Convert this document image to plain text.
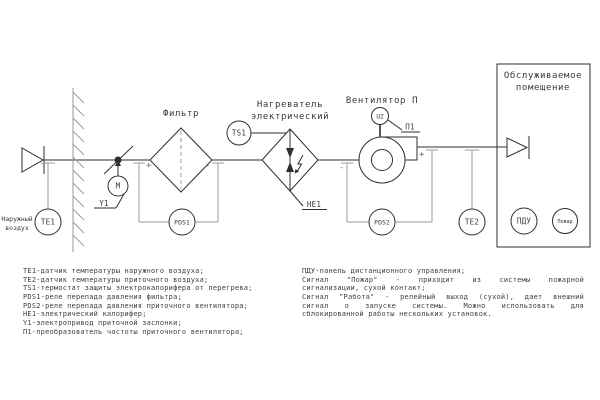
Наружный
воздух
ТЕ1
М
Y1
Фильтр
+	-
PDS1
TS1
Нагреватель
электрический
НЕ1
Вентилятор П
UZ
П1
-
+
PDS2	ТЕ2
Обслуживаемое
помещение
ПДУ	Пожар
ТЕ1-датчик температуры наружного воздуха;
ТЕ2-датчик температуры приточного воздуха;
TS1-термостат защиты электрокалорифера от перегрева;
PDS1-реле перепада давления фильтра;
PDS2-реле перепада давления приточного вентилятора;
НЕ1-электрический калорифер;
Y1-электропривод приточной заслонки;
П1-преобразователь частоты приточного вентилятора;
ПДУ-панель дистанционного управления;
Сигнал "Пожар" - приходит из системы пожарной
сигнализации, сухой контакт;
Сигнал "Работа" - релейный выход (сухой), дает внешний
сигнал о запуске системы. Можно использовать для
сблокированной работы нескольких установок.
